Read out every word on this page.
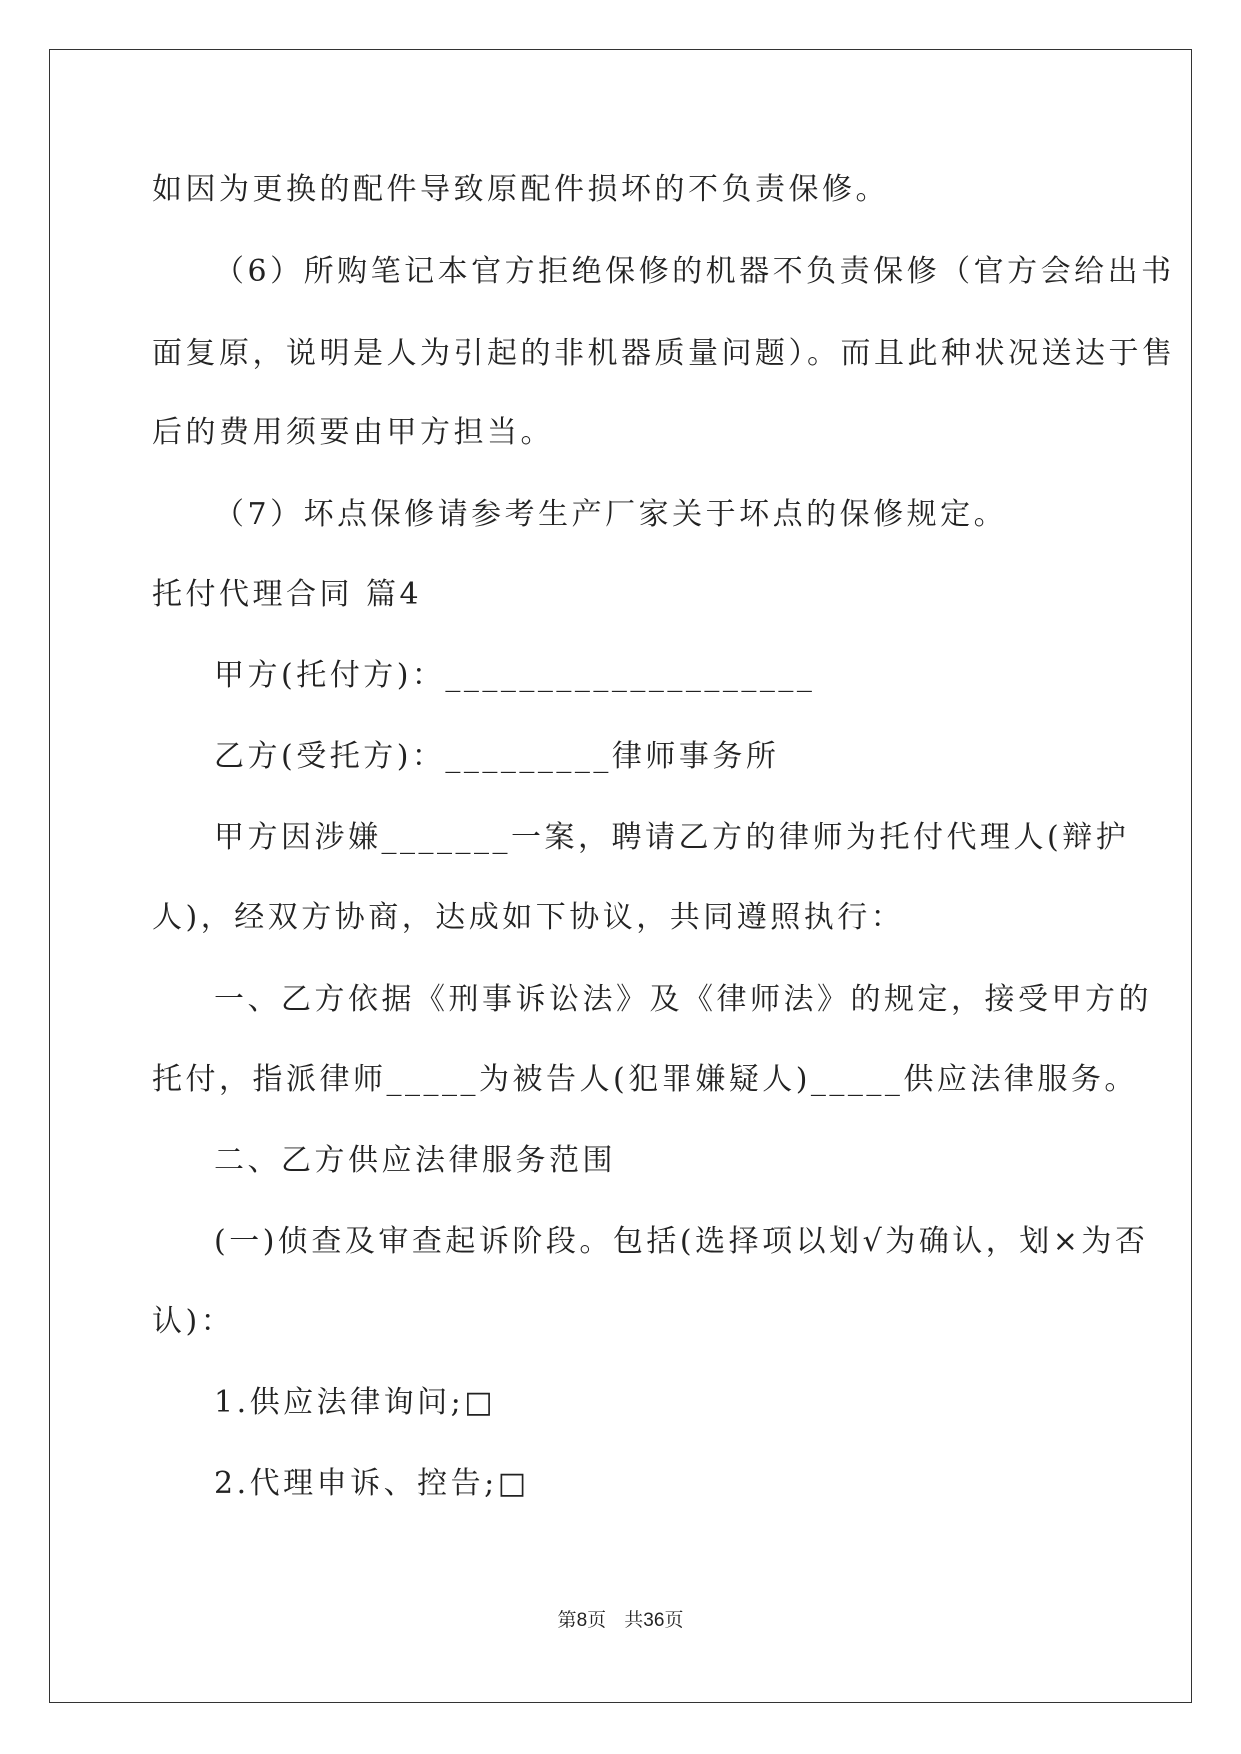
如因为更换的配件导致原配件损坏的不负责保修。
（6）所购笔记本官方拒绝保修的机器不负责保修（官方会给出书
面复原，说明是人为引起的非机器质量问题）。而且此种状况送达于售
后的费用须要由甲方担当。
（7）坏点保修请参考生产厂家关于坏点的保修规定。
托付代理合同 篇4
甲方(托付方)：____________________
乙方(受托方)：_________律师事务所
甲方因涉嫌_______一案，聘请乙方的律师为托付代理人(辩护
人)，经双方协商，达成如下协议，共同遵照执行：
一、乙方依据《刑事诉讼法》及《律师法》的规定，接受甲方的
托付，指派律师_____为被告人(犯罪嫌疑人)_____供应法律服务。
二、乙方供应法律服务范围
(一)侦查及审查起诉阶段。包括(选择项以划√为确认，划×为否
认)：
1.供应法律询问;□
2.代理申诉、控告;□
第8页 共36页
